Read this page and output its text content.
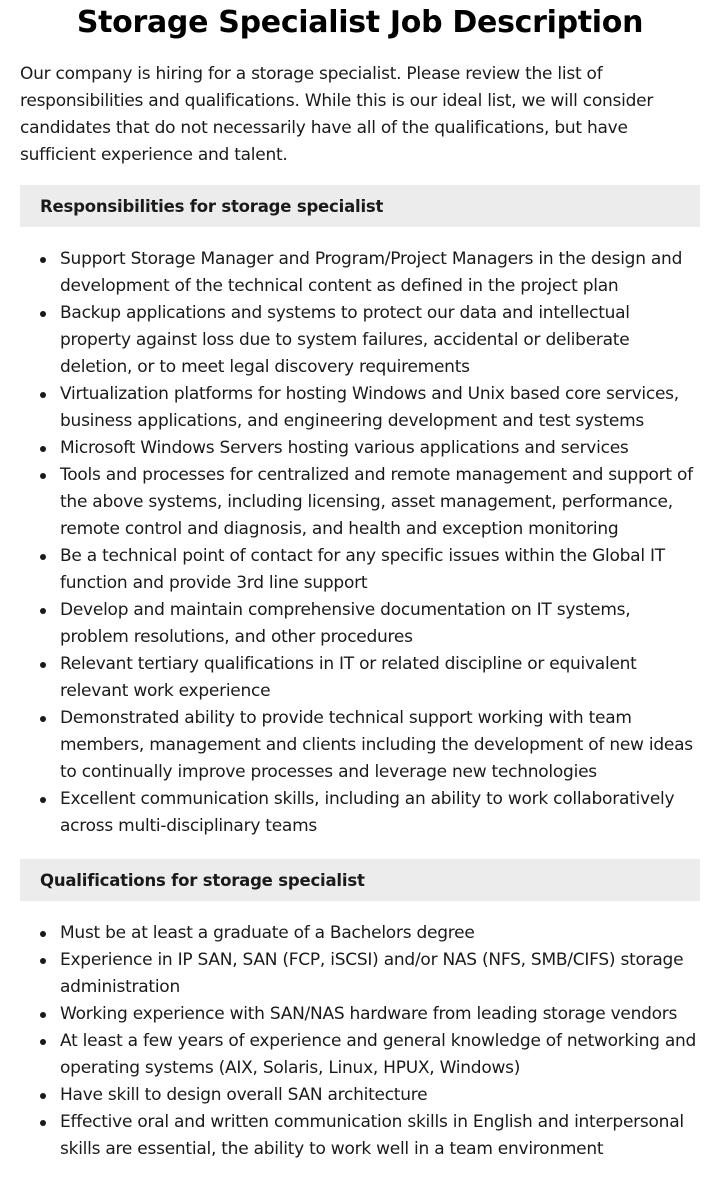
Storage Specialist Job Description

Our company is hiring for a storage specialist. Please review the list of responsibilities and qualifications. While this is our ideal list, we will consider candidates that do not necessarily have all of the qualifications, but have sufficient experience and talent.

Responsibilities for storage specialist
Support Storage Manager and Program/Project Managers in the design and development of the technical content as defined in the project plan
Backup applications and systems to protect our data and intellectual property against loss due to system failures, accidental or deliberate deletion, or to meet legal discovery requirements
Virtualization platforms for hosting Windows and Unix based core services, business applications, and engineering development and test systems
Microsoft Windows Servers hosting various applications and services
Tools and processes for centralized and remote management and support of the above systems, including licensing, asset management, performance, remote control and diagnosis, and health and exception monitoring
Be a technical point of contact for any specific issues within the Global IT function and provide 3rd line support
Develop and maintain comprehensive documentation on IT systems, problem resolutions, and other procedures
Relevant tertiary qualifications in IT or related discipline or equivalent relevant work experience
Demonstrated ability to provide technical support working with team members, management and clients including the development of new ideas to continually improve processes and leverage new technologies
Excellent communication skills, including an ability to work collaboratively across multi-disciplinary teams
Qualifications for storage specialist
Must be at least a graduate of a Bachelors degree
Experience in IP SAN, SAN (FCP, iSCSI) and/or NAS (NFS, SMB/CIFS) storage administration
Working experience with SAN/NAS hardware from leading storage vendors
At least a few years of experience and general knowledge of networking and operating systems (AIX, Solaris, Linux, HPUX, Windows)
Have skill to design overall SAN architecture
Effective oral and written communication skills in English and interpersonal skills are essential, the ability to work well in a team environment
